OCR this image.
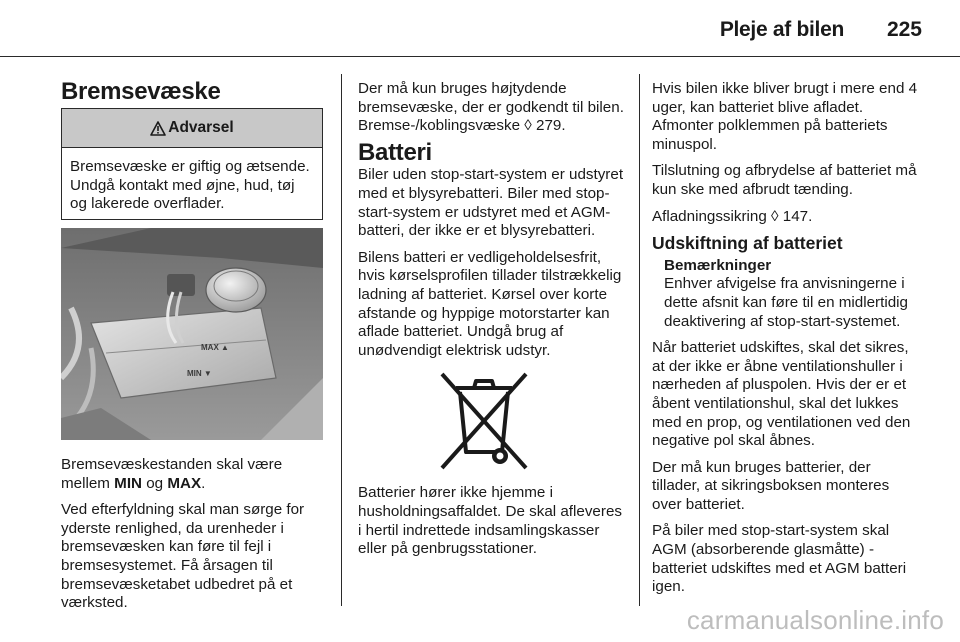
Pleje af bilen 225
Bremsevæske
Advarsel
Bremsevæske er giftig og ætsende. Undgå kontakt med øjne, hud, tøj og lakerede overflader.
MAX ▲
MIN ▼

Bremsevæskestanden skal være mellem MIN og MAX.

Ved efterfyldning skal man sørge for yderste renlighed, da urenheder i bremsevæsken kan føre til fejl i bremsesystemet. Få årsagen til bremsevæsketabet udbedret på et værksted.

Der må kun bruges højtydende bremsevæske, der er godkendt til bilen. Bremse-/koblingsvæske ◊ 279.

Batteri

Biler uden stop-start-system er udstyret med et blysyrebatteri. Biler med stop-start-system er udstyret med et AGM-batteri, der ikke er et blysyrebatteri.

Bilens batteri er vedligeholdelsesfrit, hvis kørselsprofilen tillader tilstrækkelig ladning af batteriet. Kørsel over korte afstande og hyppige motorstarter kan aflade batteriet. Undgå brug af unødvendigt elektrisk udstyr.

Batterier hører ikke hjemme i husholdningsaffaldet. De skal afleveres i hertil indrettede indsamlingskasser eller på genbrugsstationer.

Hvis bilen ikke bliver brugt i mere end 4 uger, kan batteriet blive afladet. Afmonter polklemmen på batteriets minuspol.

Tilslutning og afbrydelse af batteriet må kun ske med afbrudt tænding.

Afladningssikring ◊ 147.

Udskiftning af batteriet
Bemærkninger

Enhver afvigelse fra anvisningerne i dette afsnit kan føre til en midlertidig deaktivering af stop-start-systemet.

Når batteriet udskiftes, skal det sikres, at der ikke er åbne ventilationshuller i nærheden af pluspolen. Hvis der er et åbent ventilationshul, skal det lukkes med en prop, og ventilationen ved den negative pol skal åbnes.

Der må kun bruges batterier, der tillader, at sikringsboksen monteres over batteriet.

På biler med stop-start-system skal AGM (absorberende glasmåtte) -batteriet udskiftes med et AGM batteri igen.

carmanualsonline.info
